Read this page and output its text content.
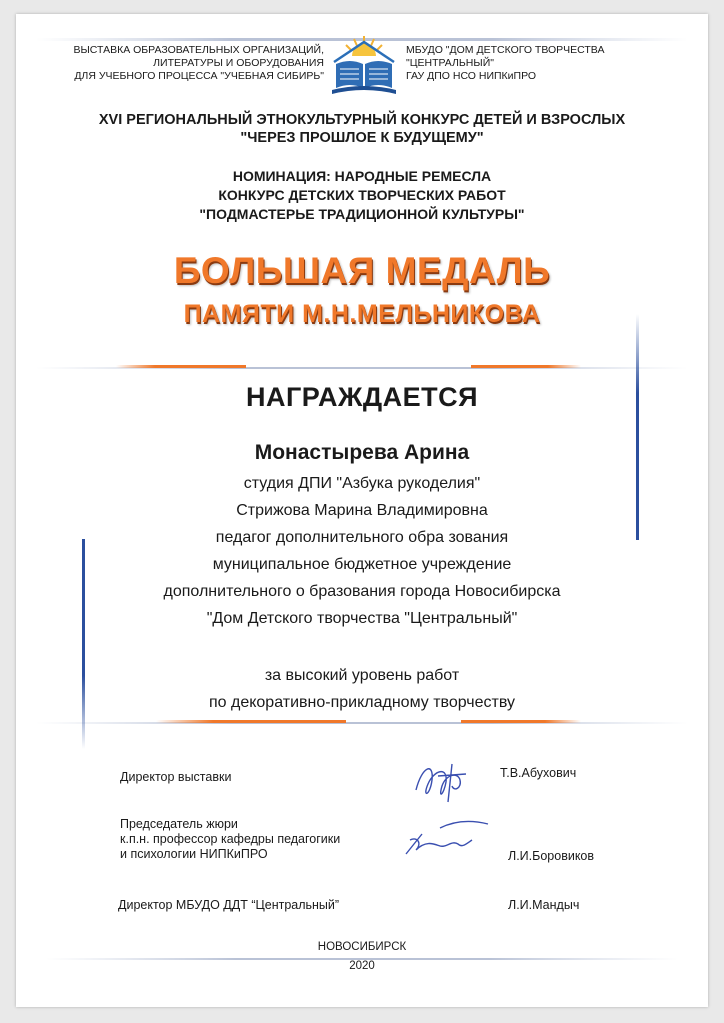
ВЫСТАВКА ОБРАЗОВАТЕЛЬНЫХ ОРГАНИЗАЦИЙ,
ЛИТЕРАТУРЫ И ОБОРУДОВАНИЯ
ДЛЯ УЧЕБНОГО ПРОЦЕССА "УЧЕБНАЯ СИБИРЬ"
МБУДО "ДОМ ДЕТСКОГО ТВОРЧЕСТВА
"ЦЕНТРАЛЬНЫЙ"
ГАУ ДПО НСО НИПКиПРО
XVI РЕГИОНАЛЬНЫЙ ЭТНОКУЛЬТУРНЫЙ КОНКУРС ДЕТЕЙ И ВЗРОСЛЫХ
"ЧЕРЕЗ ПРОШЛОЕ К БУДУЩЕМУ"
НОМИНАЦИЯ: НАРОДНЫЕ РЕМЕСЛА
КОНКУРС ДЕТСКИХ ТВОРЧЕСКИХ РАБОТ
"ПОДМАСТЕРЬЕ ТРАДИЦИОННОЙ КУЛЬТУРЫ"
БОЛЬШАЯ МЕДАЛЬ
ПАМЯТИ М.Н.МЕЛЬНИКОВА
НАГРАЖДАЕТСЯ
Монастырева Арина
студия ДПИ "Азбука рукоделия"
Стрижова Марина Владимировна
педагог дополнительного обра зования
муниципальное бюджетное учреждение
дополнительного о бразования города Новосибирска
"Дом Детского творчества "Центральный"
за высокий уровень работ
по декоративно-прикладному творчеству
Директор выставки	Т.В.Абухович
Председатель жюри
к.п.н. профессор кафедры педагогики
и психологии НИПКиПРО	Л.И.Боровиков
Директор МБУДО ДДТ “Центральный”	Л.И.Мандыч
НОВОСИБИРСК
2020
